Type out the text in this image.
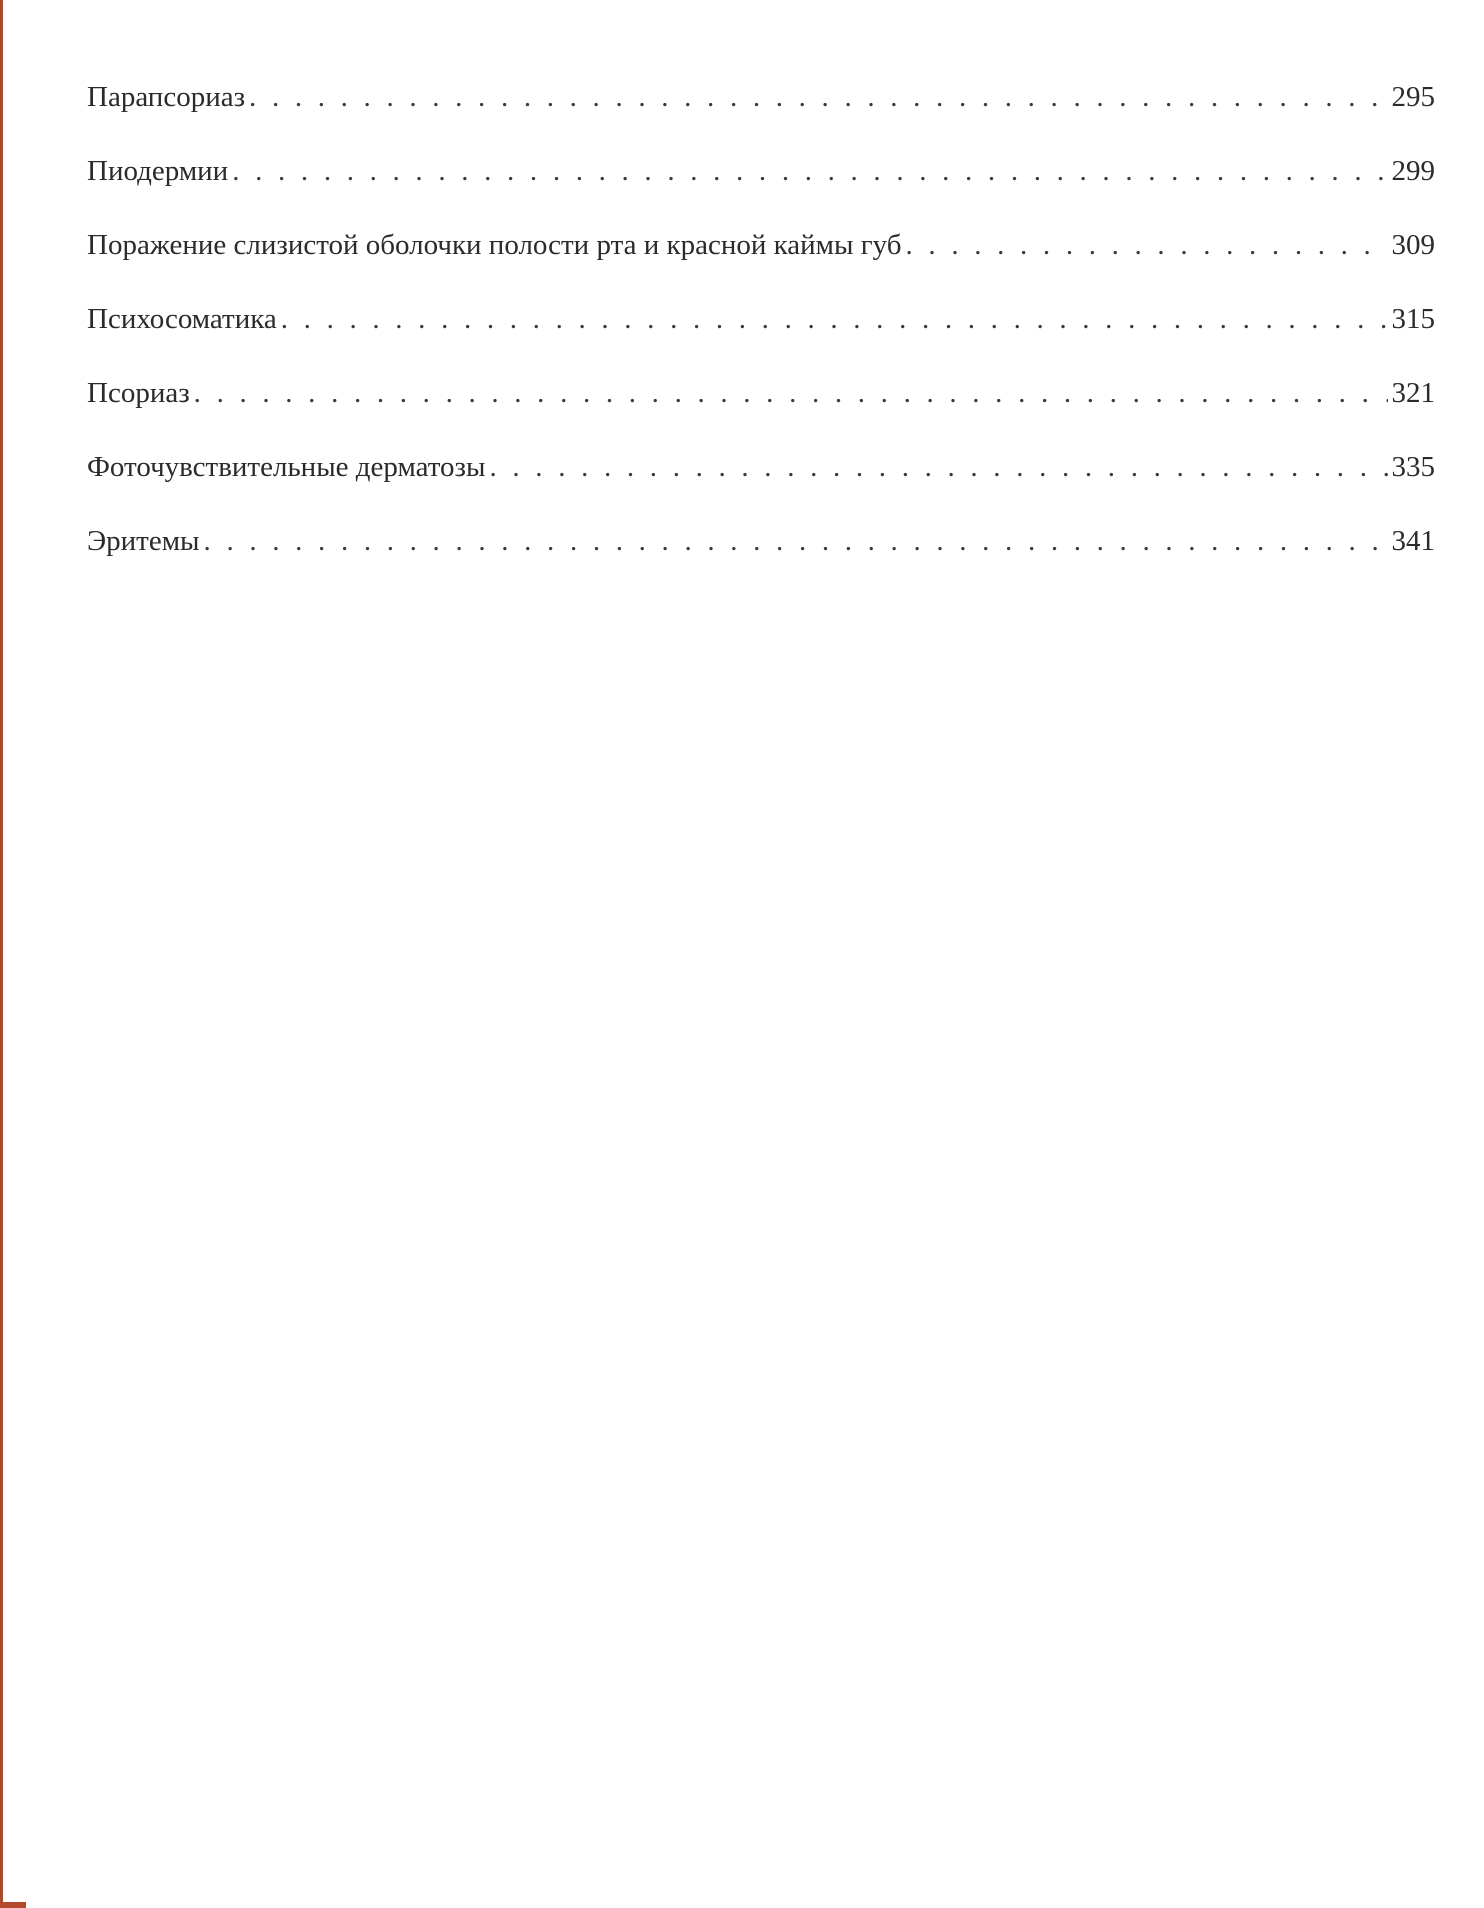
Парапсориаз . . .	295
Пиодермии . . .	299
Поражение слизистой оболочки полости рта и красной каймы губ . . .	309
Психосоматика . . .	315
Псориаз . . .	321
Фоточувствительные дерматозы . . .	335
Эритемы . . .	341
